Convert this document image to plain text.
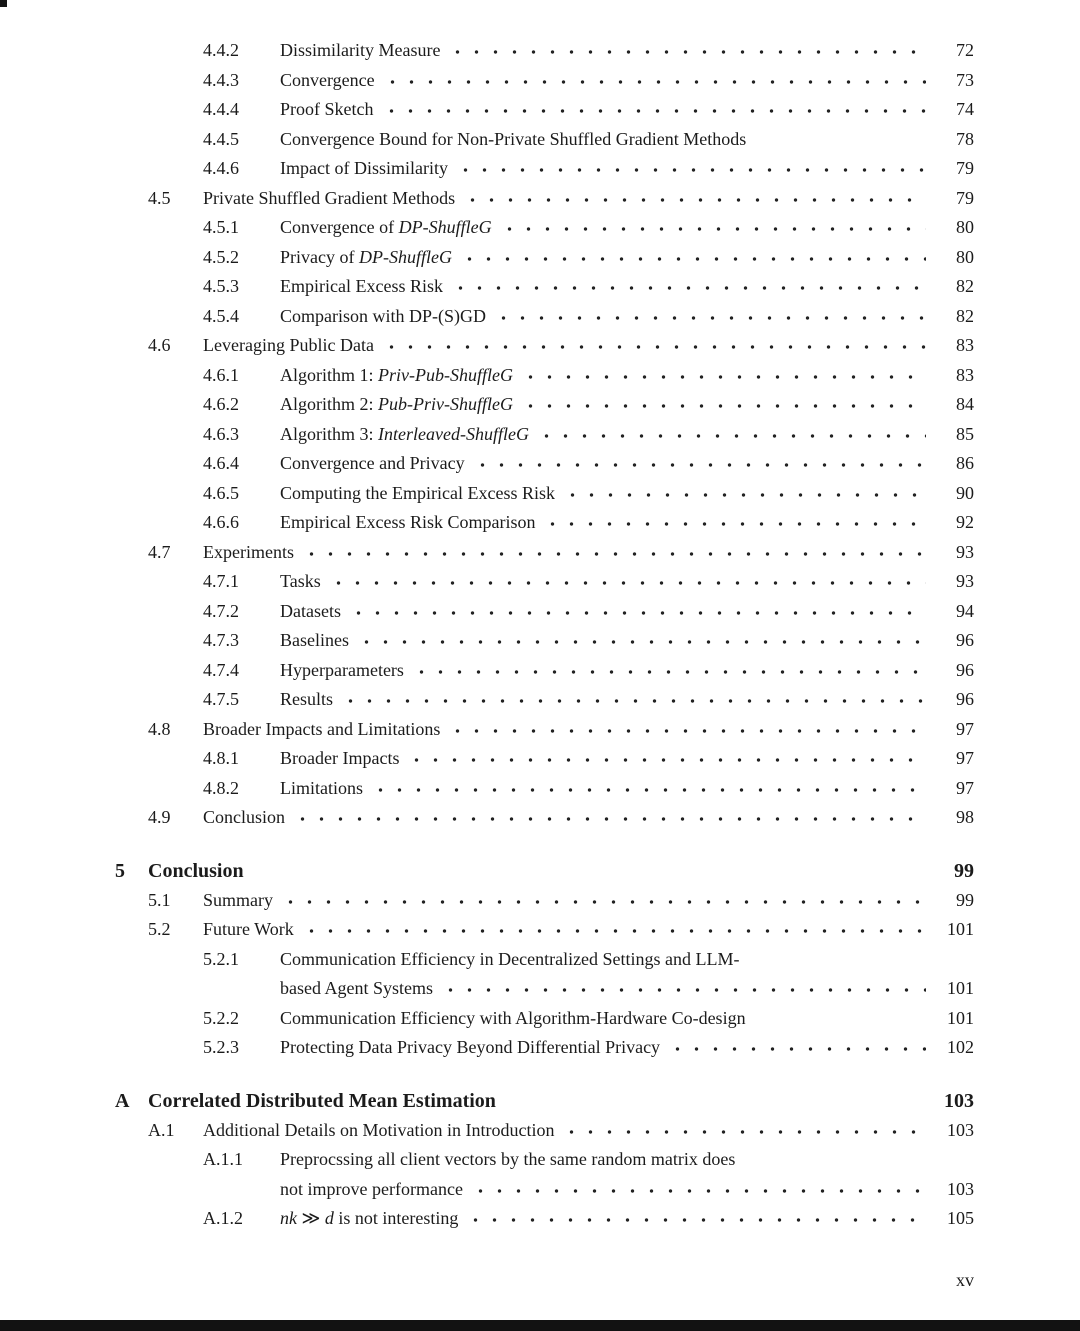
4.4.2	Dissimilarity Measure	72
4.4.3	Convergence	73
4.4.4	Proof Sketch	74
4.4.5	Convergence Bound for Non-Private Shuffled Gradient Methods	78
4.4.6	Impact of Dissimilarity	79
4.5	Private Shuffled Gradient Methods	79
4.5.1	Convergence of DP-ShuffleG	80
4.5.2	Privacy of DP-ShuffleG	80
4.5.3	Empirical Excess Risk	82
4.5.4	Comparison with DP-(S)GD	82
4.6	Leveraging Public Data	83
4.6.1	Algorithm 1: Priv-Pub-ShuffleG	83
4.6.2	Algorithm 2: Pub-Priv-ShuffleG	84
4.6.3	Algorithm 3: Interleaved-ShuffleG	85
4.6.4	Convergence and Privacy	86
4.6.5	Computing the Empirical Excess Risk	90
4.6.6	Empirical Excess Risk Comparison	92
4.7	Experiments	93
4.7.1	Tasks	93
4.7.2	Datasets	94
4.7.3	Baselines	96
4.7.4	Hyperparameters	96
4.7.5	Results	96
4.8	Broader Impacts and Limitations	97
4.8.1	Broader Impacts	97
4.8.2	Limitations	97
4.9	Conclusion	98
5	Conclusion	99
5.1	Summary	99
5.2	Future Work	101
5.2.1	Communication Efficiency in Decentralized Settings and LLM-
based Agent Systems	101
5.2.2	Communication Efficiency with Algorithm-Hardware Co-design	101
5.2.3	Protecting Data Privacy Beyond Differential Privacy	102
A Correlated Distributed Mean Estimation	103
A.1	Additional Details on Motivation in Introduction	103
A.1.1	Preprocssing all client vectors by the same random matrix does
not improve performance	103
A.1.2	nk ≫ d is not interesting	105
xv
